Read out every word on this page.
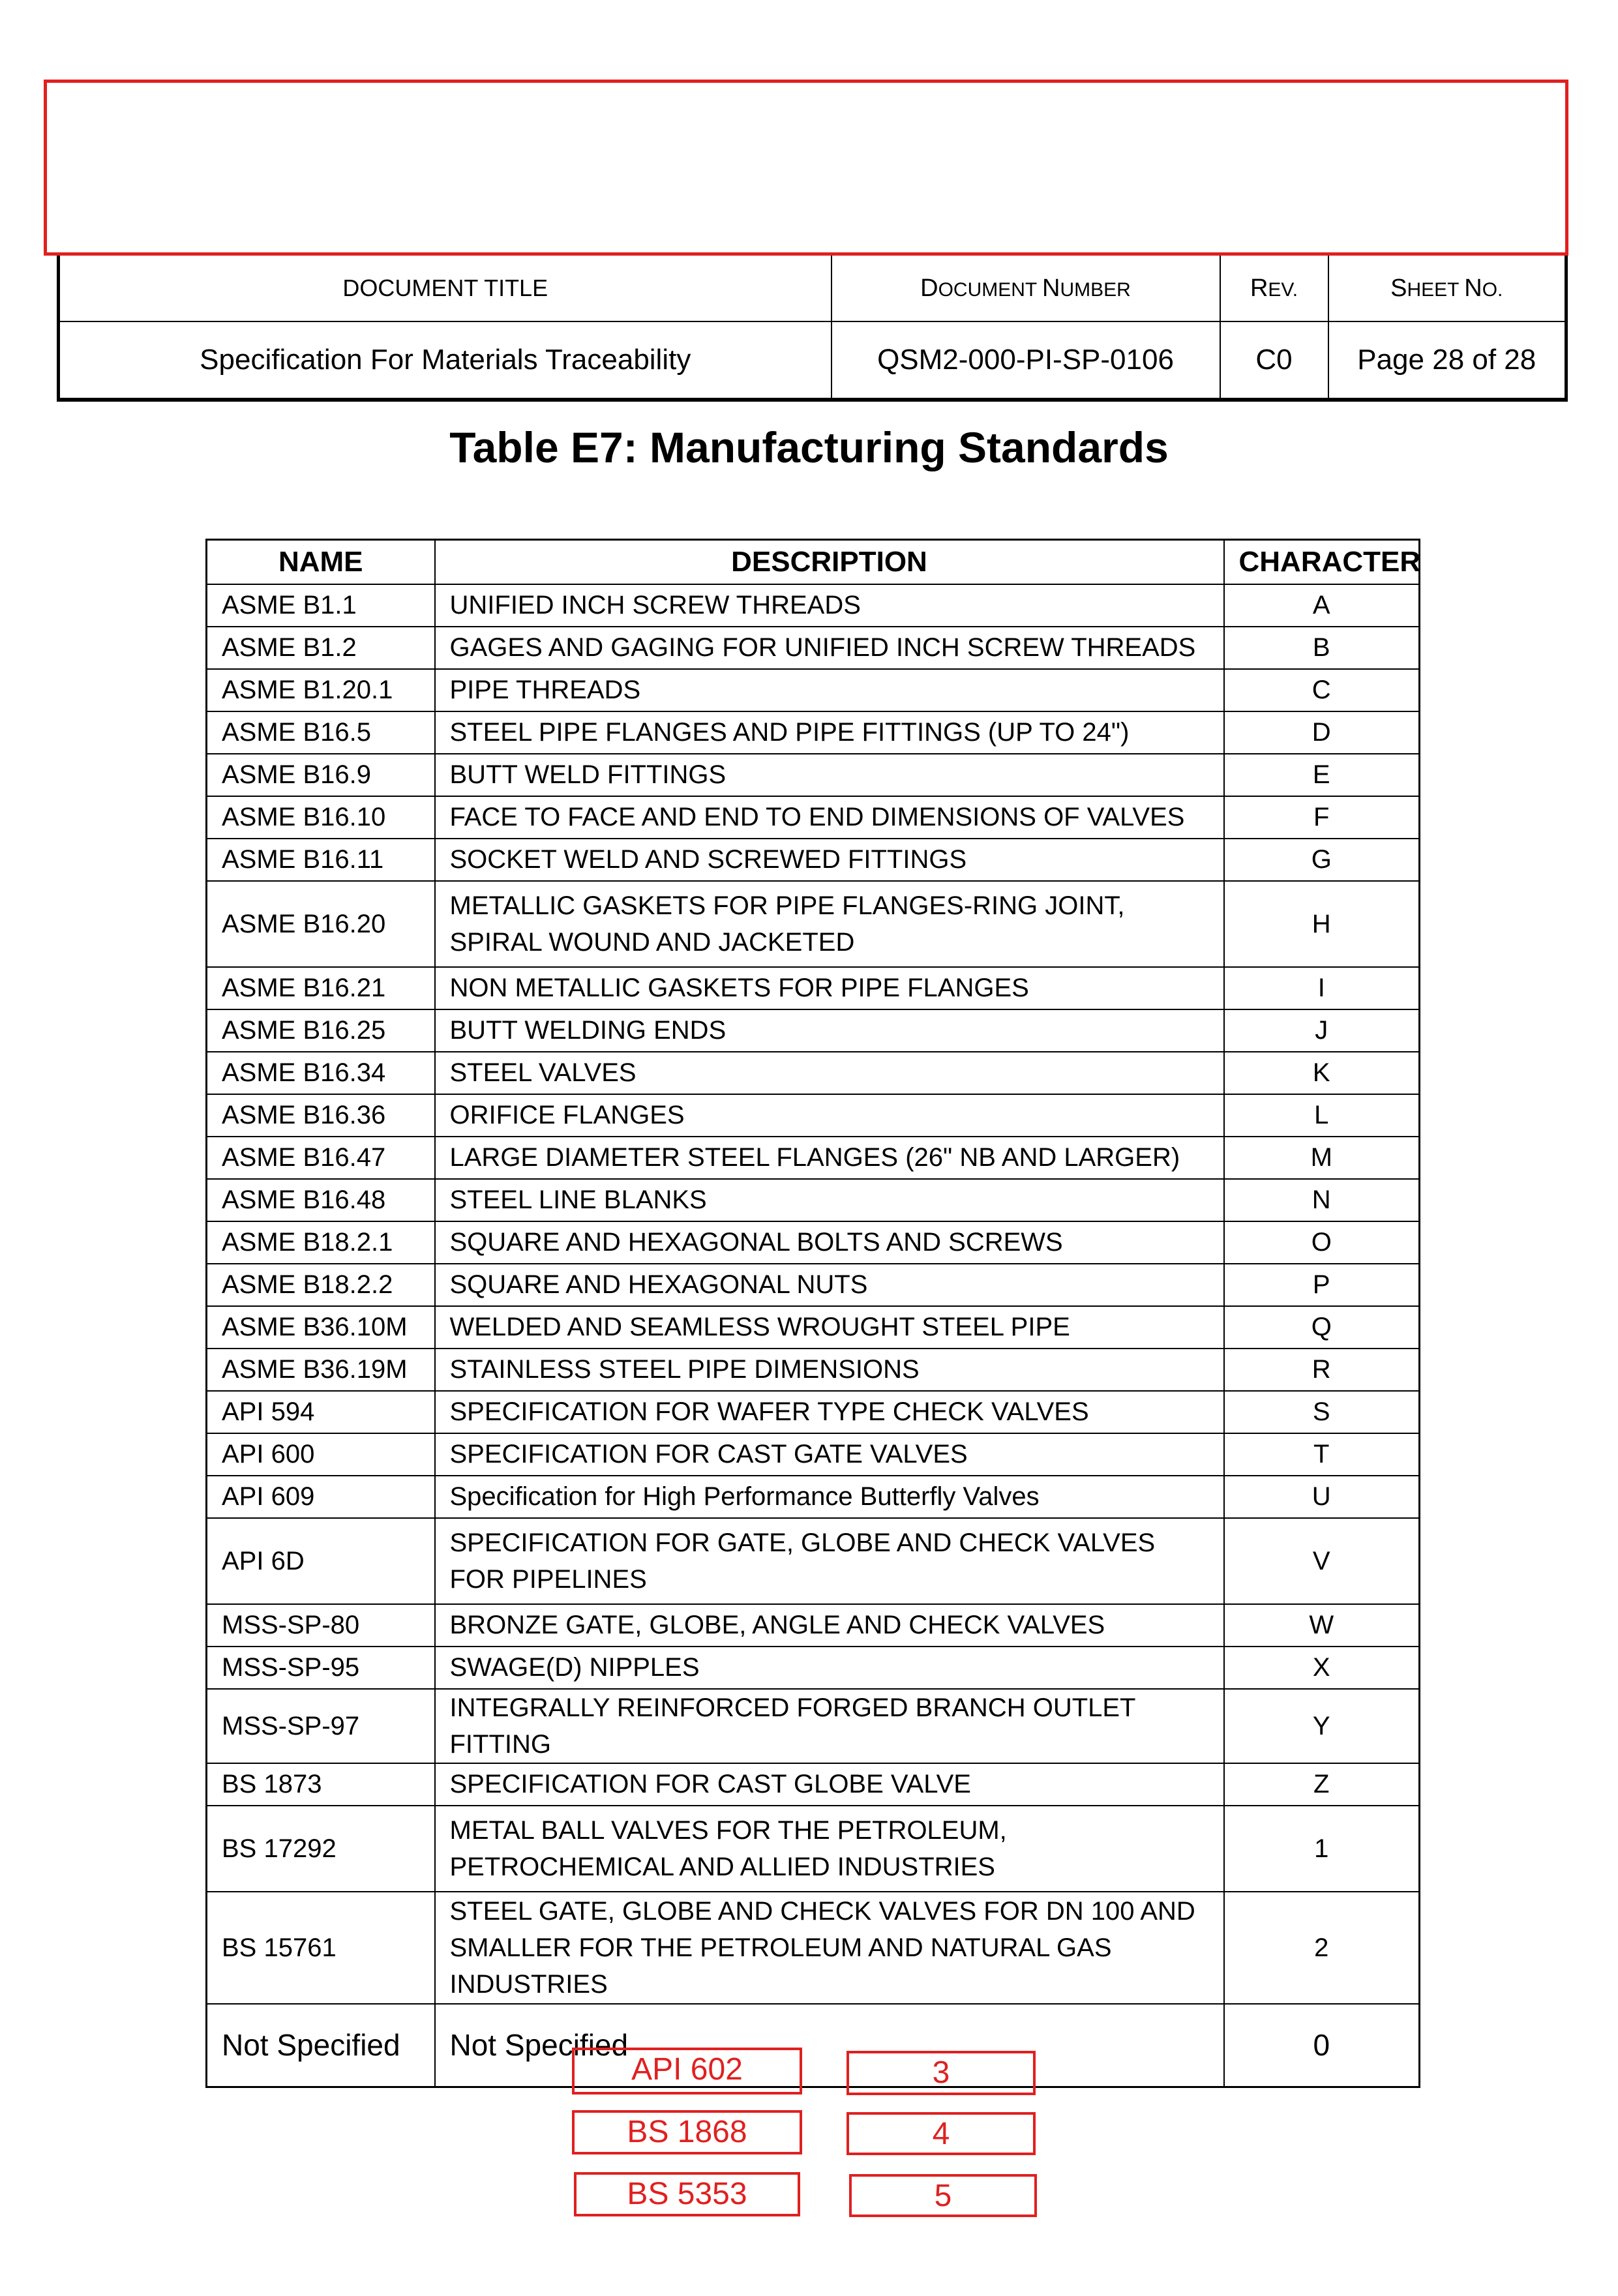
DOCUMENT TITLE	DOCUMENT NUMBER	REV.	SHEET NO.
Specification For Materials Traceability	QSM2-000-PI-SP-0106	C0	Page 28 of 28
Table E7: Manufacturing Standards
NAME	DESCRIPTION	CHARACTER
ASME B1.1	UNIFIED INCH SCREW THREADS	A
ASME B1.2	GAGES AND GAGING FOR UNIFIED INCH SCREW THREADS	B
ASME B1.20.1	PIPE THREADS	C
ASME B16.5	STEEL PIPE FLANGES AND PIPE FITTINGS (UP TO 24")	D
ASME B16.9	BUTT WELD FITTINGS	E
ASME B16.10	FACE TO FACE AND END TO END DIMENSIONS OF VALVES	F
ASME B16.11	SOCKET WELD AND SCREWED FITTINGS	G
ASME B16.20	METALLIC GASKETS FOR PIPE FLANGES-RING JOINT, SPIRAL WOUND AND JACKETED	H
ASME B16.21	NON METALLIC GASKETS FOR PIPE FLANGES	I
ASME B16.25	BUTT WELDING ENDS	J
ASME B16.34	STEEL VALVES	K
ASME B16.36	ORIFICE FLANGES	L
ASME B16.47	LARGE DIAMETER STEEL FLANGES (26" NB AND LARGER)	M
ASME B16.48	STEEL LINE BLANKS	N
ASME B18.2.1	SQUARE AND HEXAGONAL BOLTS AND SCREWS	O
ASME B18.2.2	SQUARE AND HEXAGONAL NUTS	P
ASME B36.10M	WELDED AND SEAMLESS WROUGHT STEEL PIPE	Q
ASME B36.19M	STAINLESS STEEL PIPE DIMENSIONS	R
API 594	SPECIFICATION FOR WAFER TYPE CHECK VALVES	S
API 600	SPECIFICATION FOR CAST GATE VALVES	T
API 609	Specification for High Performance Butterfly Valves	U
API 6D	SPECIFICATION FOR GATE, GLOBE AND CHECK VALVES FOR PIPELINES	V
MSS-SP-80	BRONZE GATE, GLOBE, ANGLE AND CHECK VALVES	W
MSS-SP-95	SWAGE(D) NIPPLES	X
MSS-SP-97	INTEGRALLY REINFORCED FORGED BRANCH OUTLET FITTING	Y
BS 1873	SPECIFICATION FOR CAST GLOBE VALVE	Z
BS 17292	METAL BALL VALVES FOR THE PETROLEUM, PETROCHEMICAL AND ALLIED INDUSTRIES	1
BS 15761	STEEL GATE, GLOBE AND CHECK VALVES FOR DN 100 AND SMALLER FOR THE PETROLEUM AND NATURAL GAS INDUSTRIES	2
Not Specified	Not Specified	0
API 602	3
BS 1868	4
BS 5353	5
